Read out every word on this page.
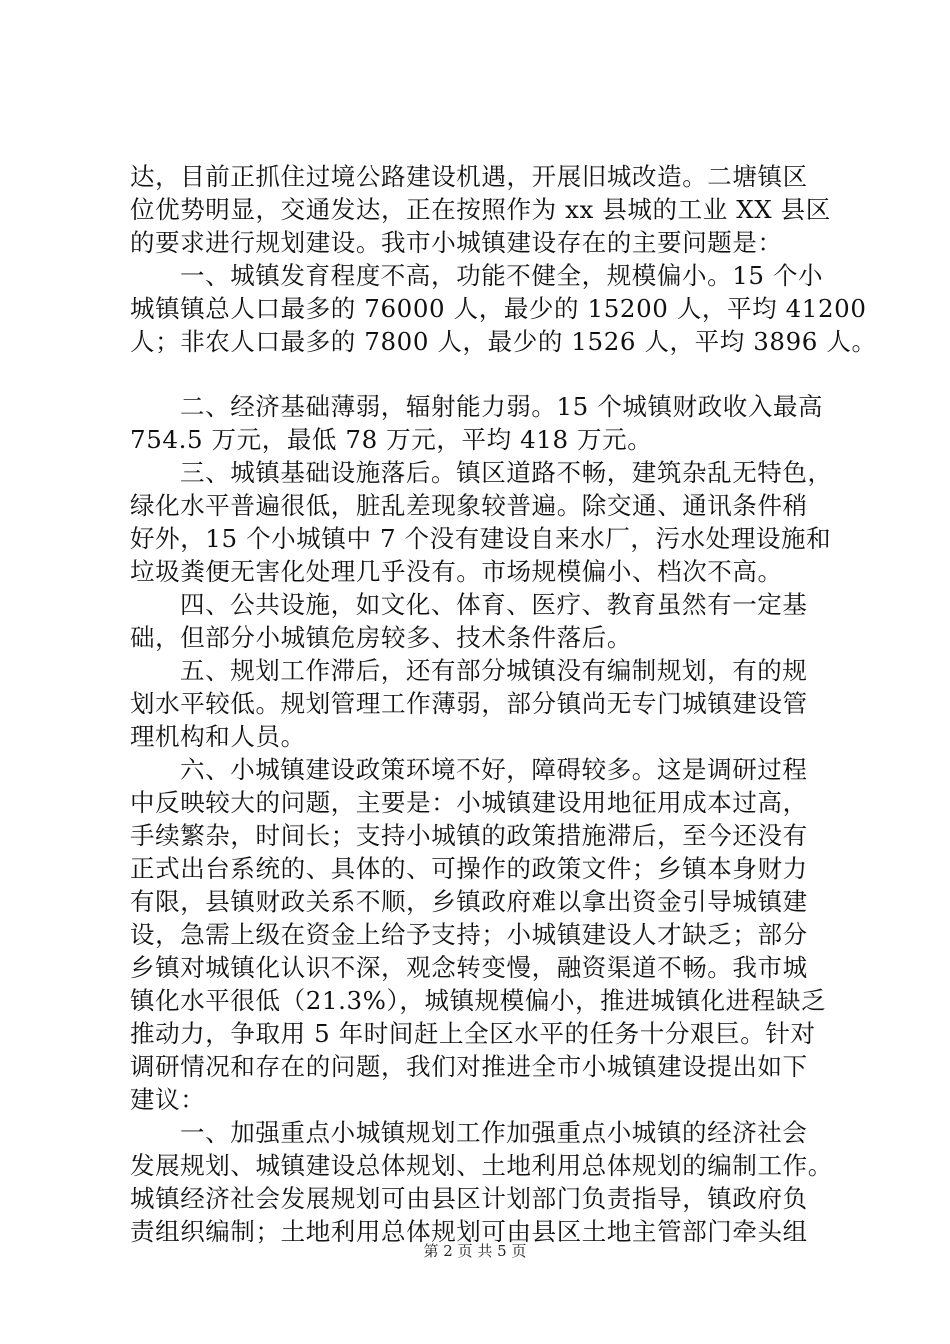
达，目前正抓住过境公路建设机遇，开展旧城改造。二塘镇区
位优势明显，交通发达，正在按照作为 xx 县城的工业 XX 县区
的要求进行规划建设。我市小城镇建设存在的主要问题是：
一、城镇发育程度不高，功能不健全，规模偏小。15 个小
城镇镇总人口最多的 76000 人，最少的 15200 人，平均 41200
人；非农人口最多的 7800 人，最少的 1526 人，平均 3896 人。
二、经济基础薄弱，辐射能力弱。15 个城镇财政收入最高
754.5 万元，最低 78 万元，平均 418 万元。
三、城镇基础设施落后。镇区道路不畅，建筑杂乱无特色，
绿化水平普遍很低，脏乱差现象较普遍。除交通、通讯条件稍
好外，15 个小城镇中 7 个没有建设自来水厂，污水处理设施和
垃圾粪便无害化处理几乎没有。市场规模偏小、档次不高。
四、公共设施，如文化、体育、医疗、教育虽然有一定基
础，但部分小城镇危房较多、技术条件落后。
五、规划工作滞后，还有部分城镇没有编制规划，有的规
划水平较低。规划管理工作薄弱，部分镇尚无专门城镇建设管
理机构和人员。
六、小城镇建设政策环境不好，障碍较多。这是调研过程
中反映较大的问题，主要是：小城镇建设用地征用成本过高，
手续繁杂，时间长；支持小城镇的政策措施滞后，至今还没有
正式出台系统的、具体的、可操作的政策文件；乡镇本身财力
有限，县镇财政关系不顺，乡镇政府难以拿出资金引导城镇建
设，急需上级在资金上给予支持；小城镇建设人才缺乏；部分
乡镇对城镇化认识不深，观念转变慢，融资渠道不畅。我市城
镇化水平很低（21.3%），城镇规模偏小，推进城镇化进程缺乏
推动力，争取用 5 年时间赶上全区水平的任务十分艰巨。针对
调研情况和存在的问题，我们对推进全市小城镇建设提出如下
建议：
一、加强重点小城镇规划工作加强重点小城镇的经济社会
发展规划、城镇建设总体规划、土地利用总体规划的编制工作。
城镇经济社会发展规划可由县区计划部门负责指导，镇政府负
责组织编制；土地利用总体规划可由县区土地主管部门牵头组
第 2 页 共 5 页
